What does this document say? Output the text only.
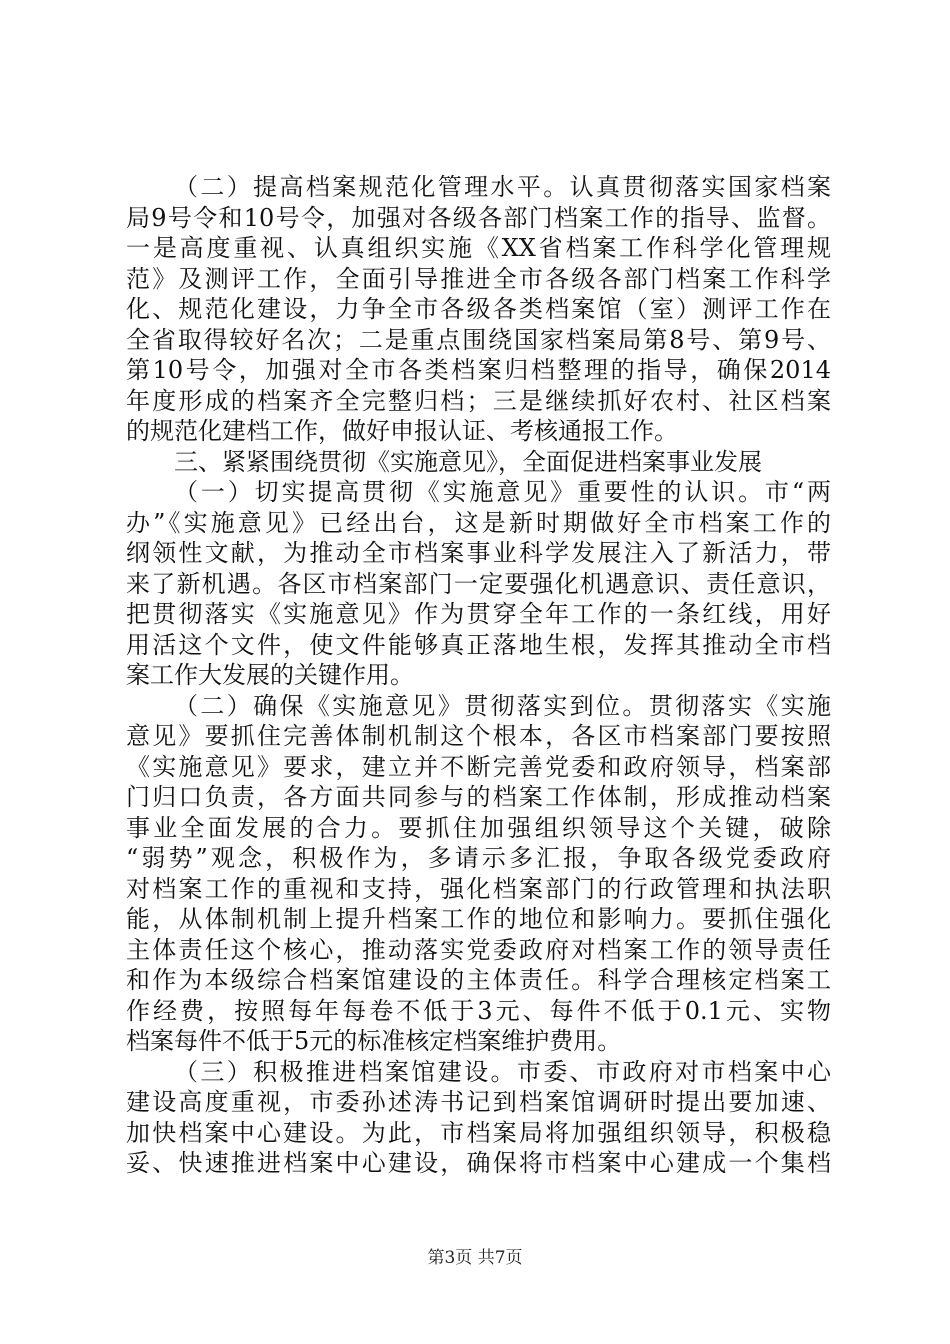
（二）提高档案规范化管理水平。认真贯彻落实国家档案
局9号令和10号令，加强对各级各部门档案工作的指导、监督。
一是高度重视、认真组织实施《XX省档案工作科学化管理规
范》及测评工作，全面引导推进全市各级各部门档案工作科学
化、规范化建设，力争全市各级各类档案馆（室）测评工作在
全省取得较好名次；二是重点围绕国家档案局第8号、第9号、
第10号令，加强对全市各类档案归档整理的指导，确保2014
年度形成的档案齐全完整归档；三是继续抓好农村、社区档案
的规范化建档工作，做好申报认证、考核通报工作。
三、紧紧围绕贯彻《实施意见》，全面促进档案事业发展
（一）切实提高贯彻《实施意见》重要性的认识。市“两
办”《实施意见》已经出台，这是新时期做好全市档案工作的
纲领性文献，为推动全市档案事业科学发展注入了新活力，带
来了新机遇。各区市档案部门一定要强化机遇意识、责任意识，
把贯彻落实《实施意见》作为贯穿全年工作的一条红线，用好
用活这个文件，使文件能够真正落地生根，发挥其推动全市档
案工作大发展的关键作用。
（二）确保《实施意见》贯彻落实到位。贯彻落实《实施
意见》要抓住完善体制机制这个根本，各区市档案部门要按照
《实施意见》要求，建立并不断完善党委和政府领导，档案部
门归口负责，各方面共同参与的档案工作体制，形成推动档案
事业全面发展的合力。要抓住加强组织领导这个关键，破除
“弱势”观念，积极作为，多请示多汇报，争取各级党委政府
对档案工作的重视和支持，强化档案部门的行政管理和执法职
能，从体制机制上提升档案工作的地位和影响力。要抓住强化
主体责任这个核心，推动落实党委政府对档案工作的领导责任
和作为本级综合档案馆建设的主体责任。科学合理核定档案工
作经费，按照每年每卷不低于3元、每件不低于0.1元、实物
档案每件不低于5元的标准核定档案维护费用。
（三）积极推进档案馆建设。市委、市政府对市档案中心
建设高度重视，市委孙述涛书记到档案馆调研时提出要加速、
加快档案中心建设。为此，市档案局将加强组织领导，积极稳
妥、快速推进档案中心建设，确保将市档案中心建成一个集档
第3页 共7页
